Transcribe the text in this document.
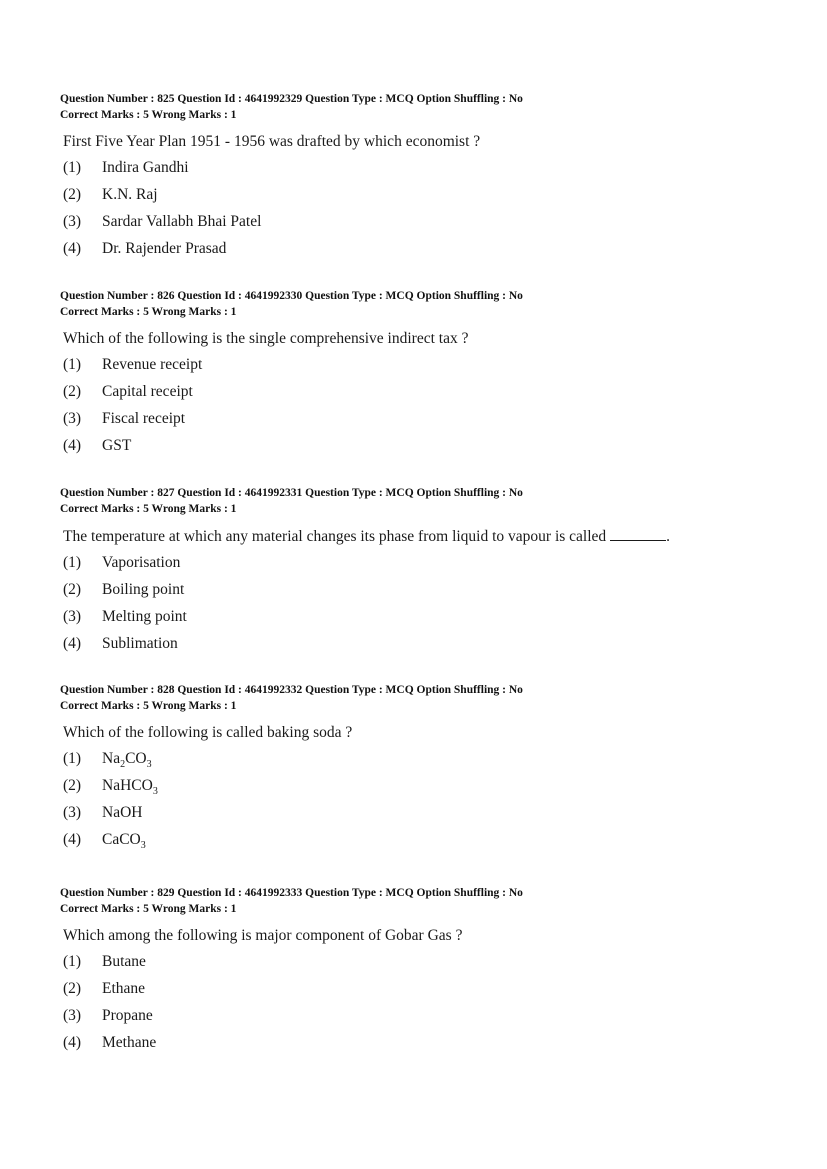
Question Number : 825 Question Id : 4641992329 Question Type : MCQ Option Shuffling : No
Correct Marks : 5 Wrong Marks : 1
First Five Year Plan 1951 - 1956 was drafted by which economist ?
(1)	Indira Gandhi
(2)	K.N. Raj
(3)	Sardar Vallabh Bhai Patel
(4)	Dr. Rajender Prasad
Question Number : 826 Question Id : 4641992330 Question Type : MCQ Option Shuffling : No
Correct Marks : 5 Wrong Marks : 1
Which of the following is the single comprehensive indirect tax ?
(1)	Revenue receipt
(2)	Capital receipt
(3)	Fiscal receipt
(4)	GST
Question Number : 827 Question Id : 4641992331 Question Type : MCQ Option Shuffling : No
Correct Marks : 5 Wrong Marks : 1
The temperature at which any material changes its phase from liquid to vapour is called	.
(1)	Vaporisation
(2)	Boiling point
(3)	Melting point
(4)	Sublimation
Question Number : 828 Question Id : 4641992332 Question Type : MCQ Option Shuffling : No
Correct Marks : 5 Wrong Marks : 1
Which of the following is called baking soda ?
(1)	$Na_2CO_3$
(2)	NaHCO$_3$
(3)	NaOH
(4)	CaCO$_3$
Question Number : 829 Question Id : 4641992333 Question Type : MCQ Option Shuffling : No
Correct Marks : 5 Wrong Marks : 1
Which among the following is major component of Gobar Gas ?
(1)	Butane
(2)	Ethane
(3)	Propane
(4)	Methane
